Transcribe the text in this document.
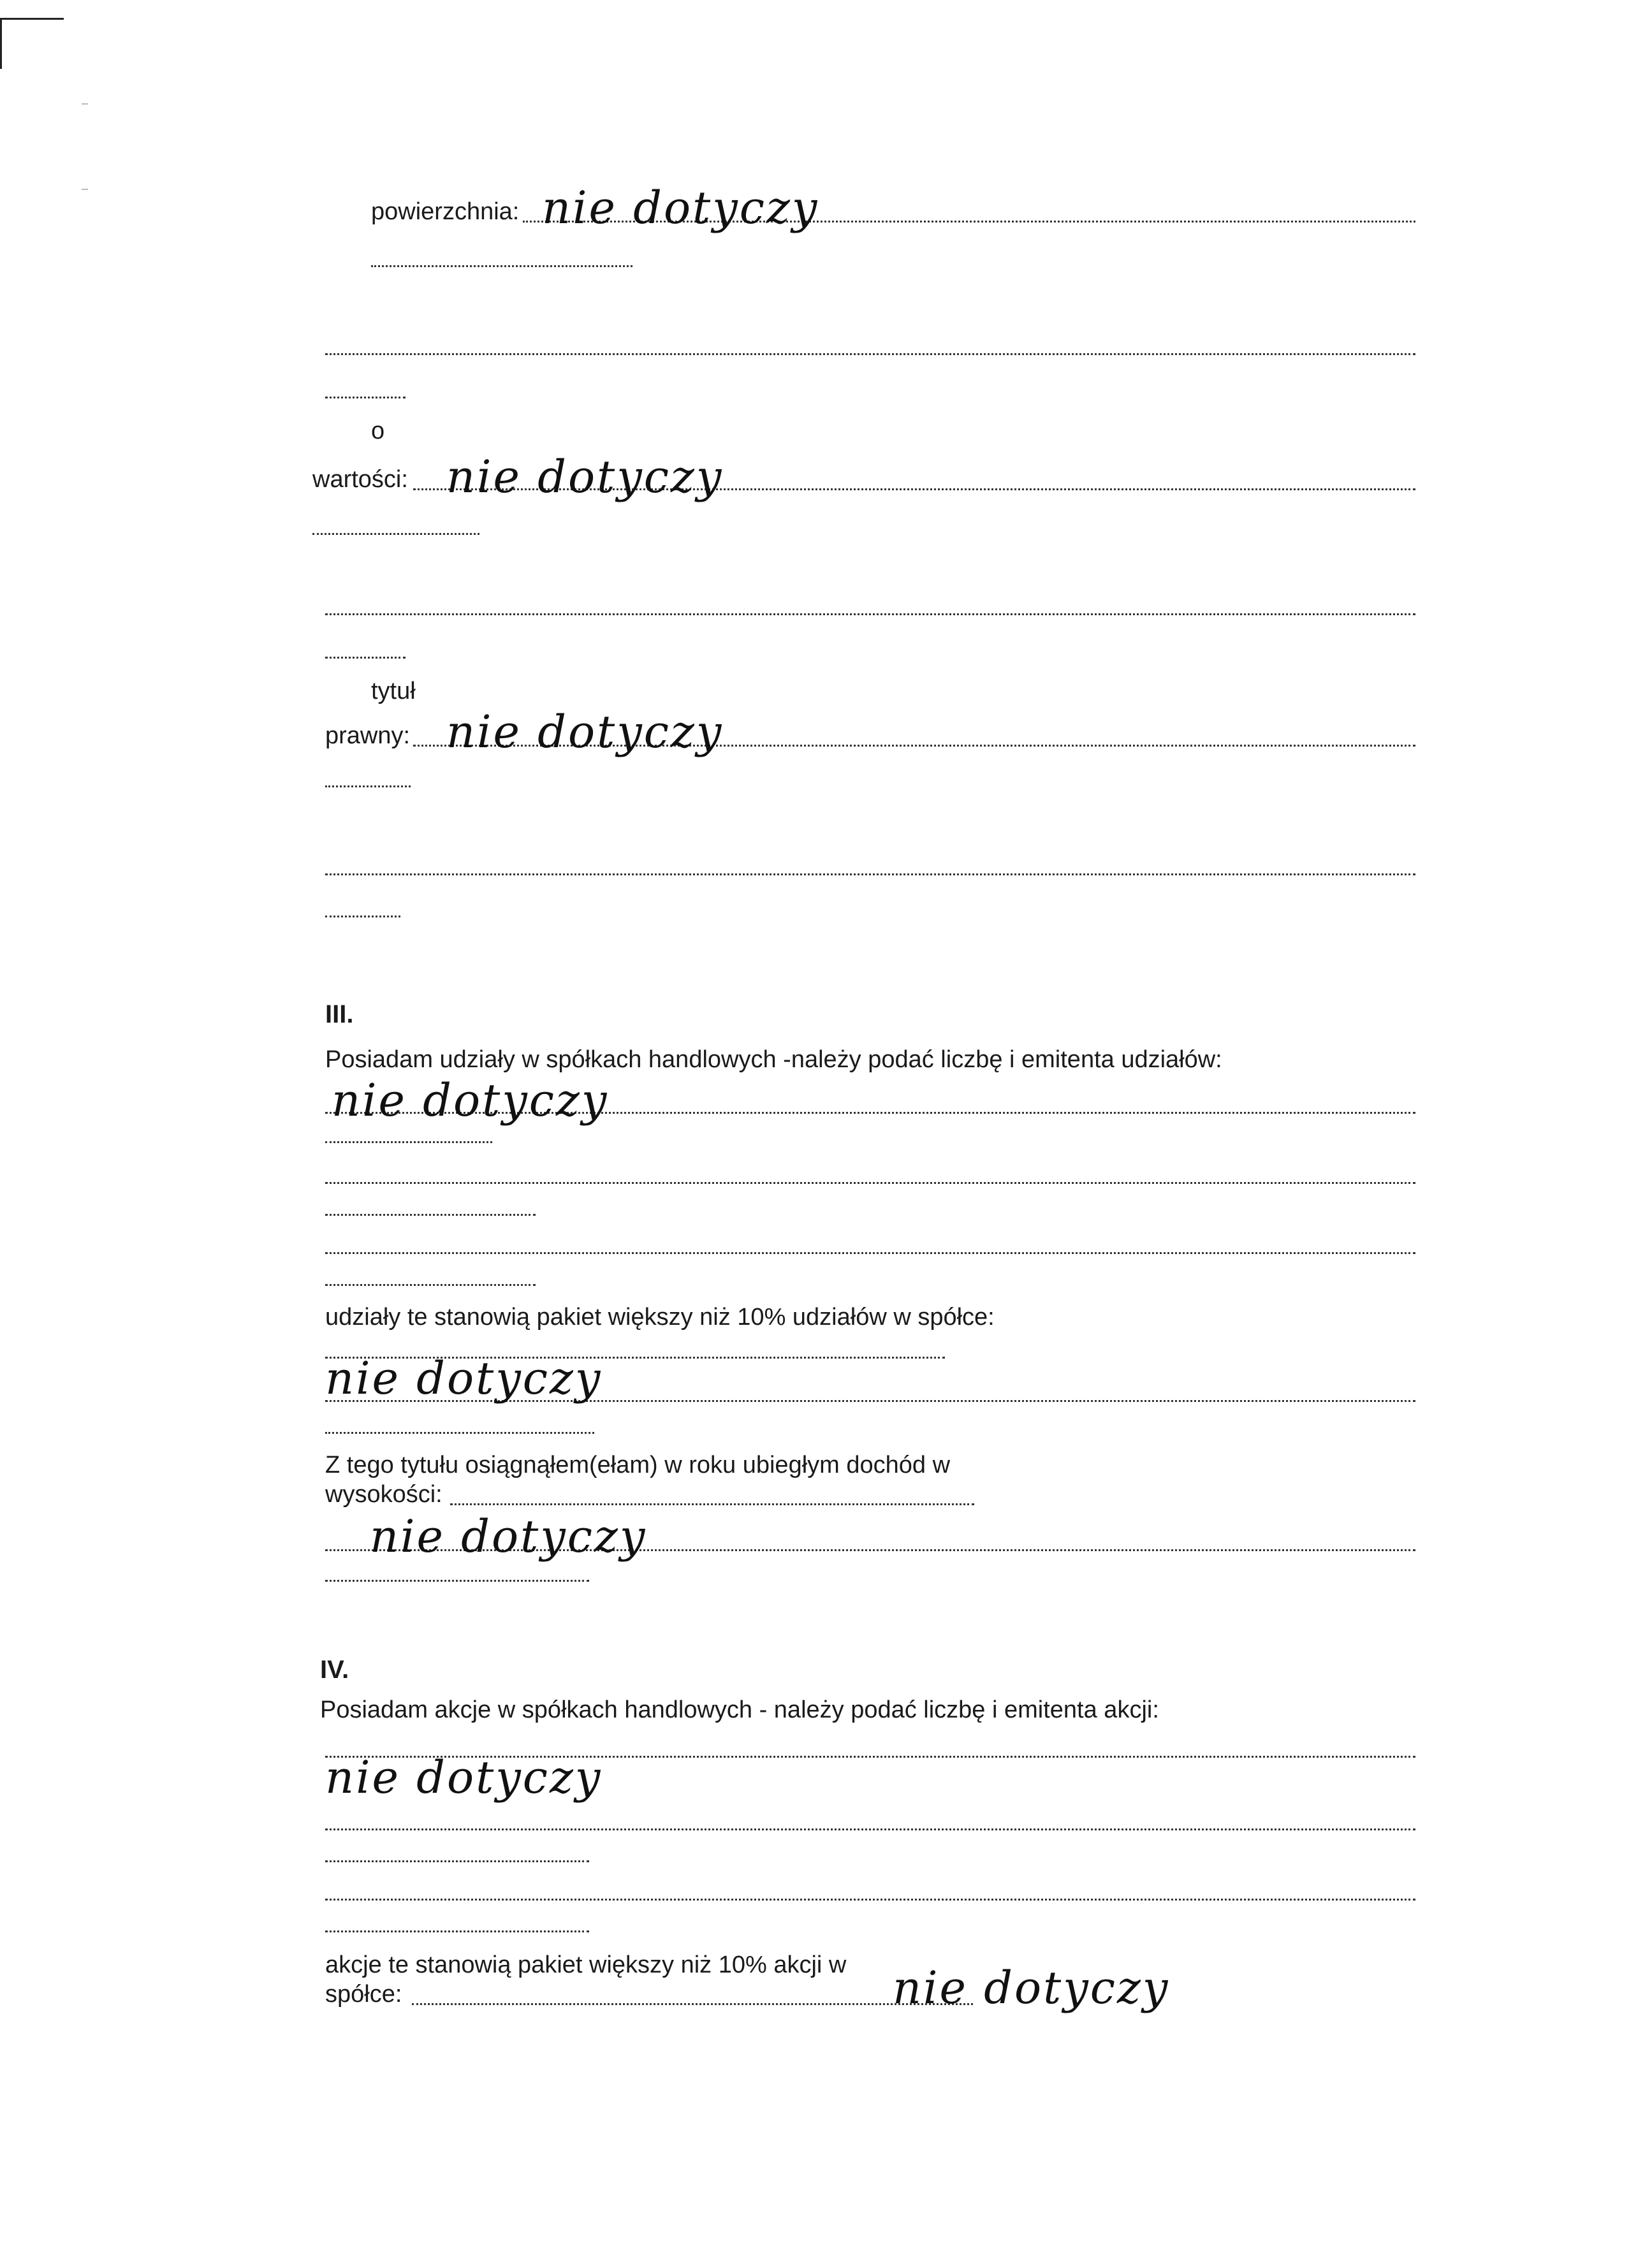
powierzchnia: nie dotyczy
o
wartości: nie dotyczy
tytuł
prawny: nie dotyczy
III.
Posiadam udziały w spółkach handlowych -należy podać liczbę i emitenta udziałów:
nie dotyczy
udziały te stanowią pakiet większy niż 10% udziałów w spółce:
nie dotyczy
Z tego tytułu osiągnąłem(ełam) w roku ubiegłym dochód w
wysokości:
nie dotyczy
IV.
Posiadam akcje w spółkach handlowych - należy podać liczbę i emitenta akcji:
nie dotyczy
akcje te stanowią pakiet większy niż 10% akcji w
spółce:	nie dotyczy
